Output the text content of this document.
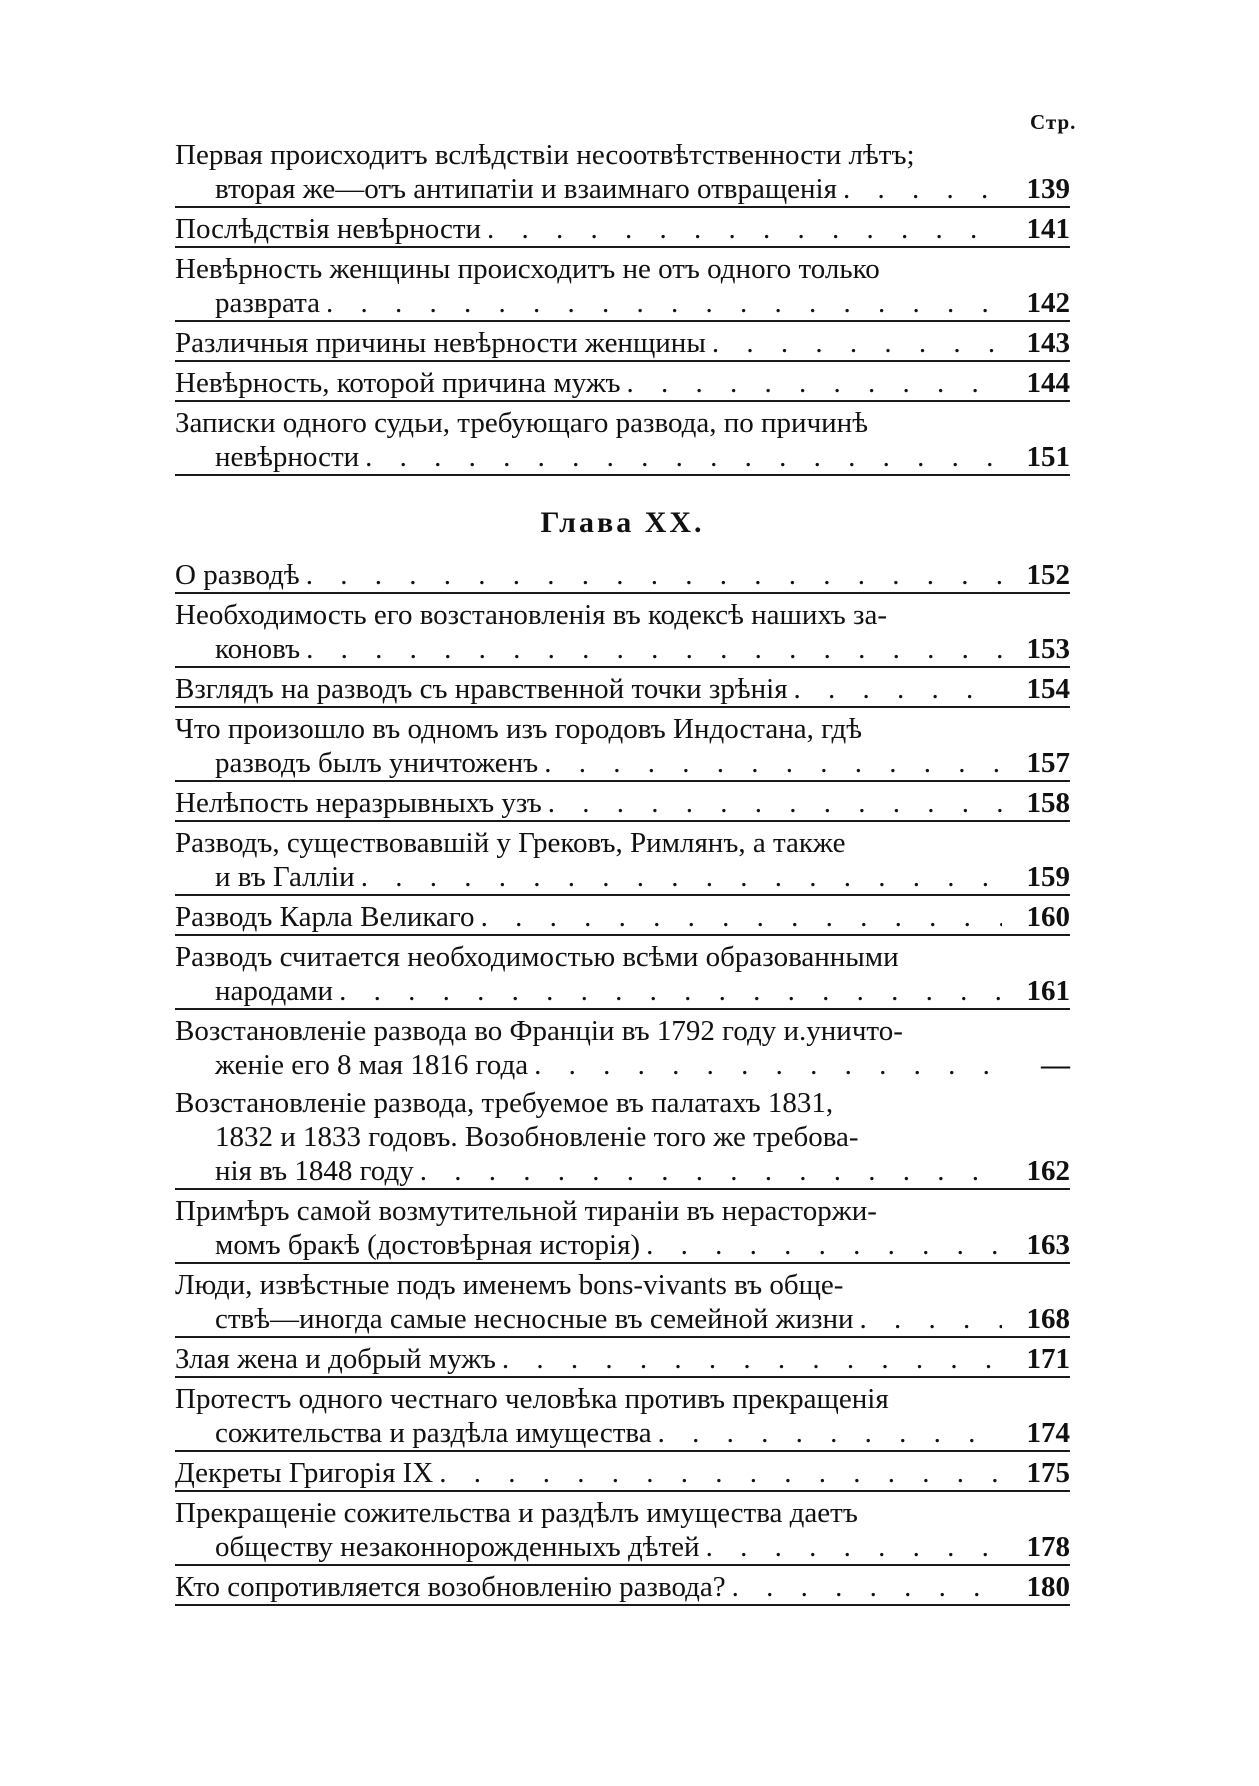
Стр.
Первая происходитъ вслѣдствіи несоотвѣтственности лѣтъ;
вторая же—отъ антипатіи и взаимнаго отвращенія . . .	139
Послѣдствія невѣрности . . .	141
Невѣрность женщины происходитъ не отъ одного только
разврата . . .	142
Различныя причины невѣрности женщины . . .	143
Невѣрность, которой причина мужъ . . .	144
Записки одного судьи, требующаго развода, по причинѣ
невѣрности . . .	151
Глава XX.
О разводѣ . . .	152
Необходимость его возстановленія въ кодексѣ нашихъ за-
коновъ . . .	153
Взглядъ на разводъ съ нравственной точки зрѣнія . . .	154
Что произошло въ одномъ изъ городовъ Индостана, гдѣ
разводъ былъ уничтоженъ . . .	157
Нелѣпость неразрывныхъ узъ . . .	158
Разводъ, существовавшій у Грековъ, Римлянъ, а также
и въ Галліи . . .	159
Разводъ Карла Великаго . . .	160
Разводъ считается необходимостью всѣми образованными
народами . . .	161
Возстановленіе развода во Франціи въ 1792 году и.уничто-
женіе его 8 мая 1816 года . . .	—
Возстановленіе развода, требуемое въ палатахъ 1831,
1832 и 1833 годовъ. Возобновленіе того же требова-
нія въ 1848 году . . .	162
Примѣръ самой возмутительной тираніи въ нерасторжи-
момъ бракѣ (достовѣрная исторія) . . .	163
Люди, извѣстные подъ именемъ bons-vivants въ обще-
ствѣ—иногда самые несносные въ семейной жизни . . .	168
Злая жена и добрый мужъ . . .	171
Протестъ одного честнаго человѣка противъ прекращенія
сожительства и раздѣла имущества . . .	174
Декреты Григорія IX . . .	175
Прекращеніе сожительства и раздѣлъ имущества даетъ
обществу незаконнорожденныхъ дѣтей . . .	178
Кто сопротивляется возобновленію развода? . . .	180
